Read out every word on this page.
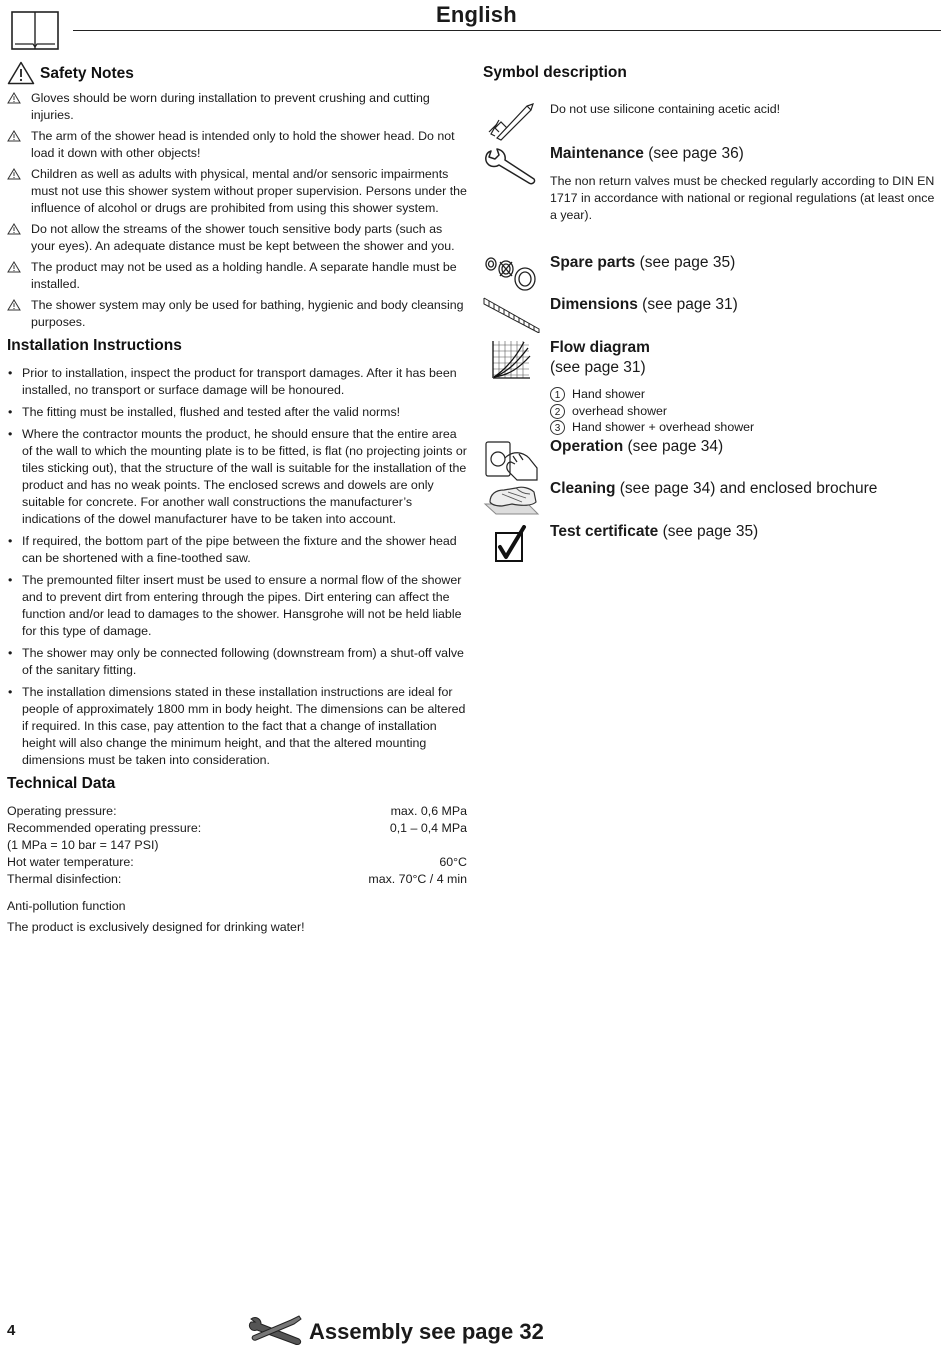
English
Safety Notes
Gloves should be worn during installation to prevent crushing and cutting injuries.
The arm of the shower head is intended only to hold the shower head. Do not load it down with other objects!
Children as well as adults with physical, mental and/or sensoric impairments must not use this shower system without proper supervision. Persons under the influence of alcohol or drugs are prohibited from using this shower system.
Do not allow the streams of the shower touch sensitive body parts (such as your eyes). An adequate distance must be kept between the shower and you.
The product may not be used as a holding handle. A separate handle must be installed.
The shower system may only be used for bathing, hygienic and body cleansing purposes.
Installation Instructions
• Prior to installation, inspect the product for transport damages. After it has been installed, no transport or surface damage will be honoured.
• The fitting must be installed, flushed and tested after the valid norms!
• Where the contractor mounts the product, he should ensure that the entire area of the wall to which the mounting plate is to be fitted, is flat (no projecting joints or tiles sticking out), that the structure of the wall is suitable for the installation of the product and has no weak points. The enclosed screws and dowels are only suitable for concrete. For another wall constructions the manufacturer’s indications of the dowel manufacturer have to be taken into account.
• If required, the bottom part of the pipe between the fixture and the shower head can be shortened with a fine-toothed saw.
• The premounted filter insert must be used to ensure a normal flow of the shower and to prevent dirt from entering through the pipes. Dirt entering can affect the function and/or lead to damages to the shower. Hansgrohe will not be held liable for this type of damage.
• The shower may only be connected following (downstream from) a shut-off valve of the sanitary fitting.
• The installation dimensions stated in these installation instructions are ideal for people of approximately 1800 mm in body height. The dimensions can be altered if required. In this case, pay attention to the fact that a change of installation height will also change the minimum height, and that the altered mounting dimensions must be taken into consideration.
Technical Data
Operating pressure:	max. 0,6 MPa
Recommended operating pressure:	0,1 – 0,4 MPa
(1 MPa = 10 bar = 147 PSI)
Hot water temperature:	60°C
Thermal disinfection:	max. 70°C / 4 min
Anti-pollution function
The product is exclusively designed for drinking water!
Symbol description
Do not use silicone containing acetic acid!
Maintenance (see page 36)
The non return valves must be checked regularly according to DIN EN 1717 in accordance with national or regional regulations (at least once a year).
Spare parts (see page 35)
Dimensions (see page 31)
Flow diagram
(see page 31)
1 Hand shower
2 overhead shower
3 Hand shower + overhead shower
Operation (see page 34)
Cleaning (see page 34) and enclosed brochure
Test certificate (see page 35)
4	Assembly see page 32
